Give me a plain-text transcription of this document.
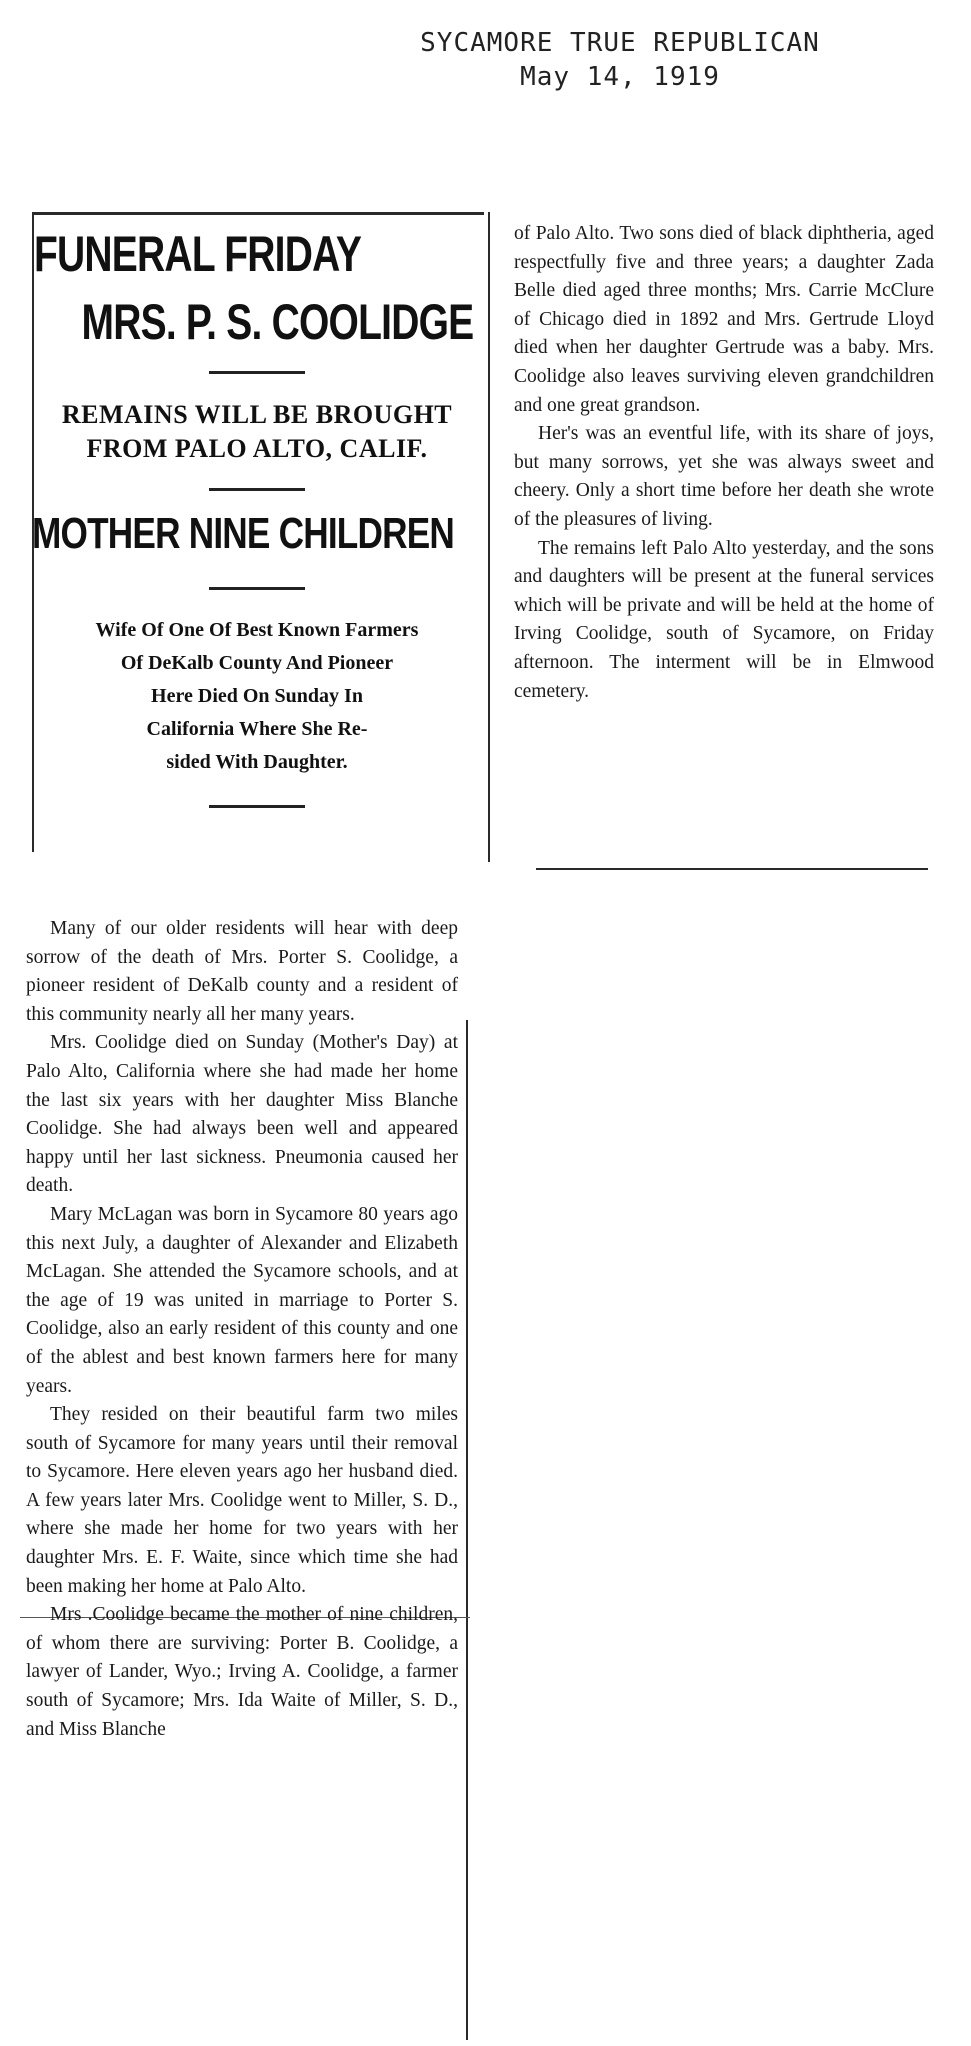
SYCAMORE TRUE REPUBLICAN
May 14, 1919
FUNERAL FRIDAY
MRS. P. S. COOLIDGE
REMAINS WILL BE BROUGHT
FROM PALO ALTO, CALIF.
MOTHER NINE CHILDREN
Wife Of One Of Best Known Farmers
Of DeKalb County And Pioneer
Here Died On Sunday In
California Where She Re-
sided With Daughter.

Many of our older residents will hear with deep sorrow of the death of Mrs. Porter S. Coolidge, a pioneer resident of DeKalb county and a resident of this community nearly all her many years.

Mrs. Coolidge died on Sunday (Mother's Day) at Palo Alto, California where she had made her home the last six years with her daughter Miss Blanche Coolidge. She had always been well and appeared happy until her last sickness. Pneumonia caused her death.

Mary McLagan was born in Sycamore 80 years ago this next July, a daughter of Alexander and Elizabeth McLagan. She attended the Sycamore schools, and at the age of 19 was united in marriage to Porter S. Coolidge, also an early resident of this county and one of the ablest and best known farmers here for many years.

They resided on their beautiful farm two miles south of Sycamore for many years until their removal to Sycamore. Here eleven years ago her husband died. A few years later Mrs. Coolidge went to Miller, S. D., where she made her home for two years with her daughter Mrs. E. F. Waite, since which time she had been making her home at Palo Alto.

Mrs .Coolidge became the mother of nine children, of whom there are surviving: Porter B. Coolidge, a lawyer of Lander, Wyo.; Irving A. Coolidge, a farmer south of Sycamore; Mrs. Ida Waite of Miller, S. D., and Miss Blanche

of Palo Alto. Two sons died of black diphtheria, aged respectfully five and three years; a daughter Zada Belle died aged three months; Mrs. Carrie McClure of Chicago died in 1892 and Mrs. Gertrude Lloyd died when her daughter Gertrude was a baby. Mrs. Coolidge also leaves surviving eleven grandchildren and one great grandson.

Her's was an eventful life, with its share of joys, but many sorrows, yet she was always sweet and cheery. Only a short time before her death she wrote of the pleasures of living.

The remains left Palo Alto yesterday, and the sons and daughters will be present at the funeral services which will be private and will be held at the home of Irving Coolidge, south of Sycamore, on Friday afternoon. The interment will be in Elmwood cemetery.
